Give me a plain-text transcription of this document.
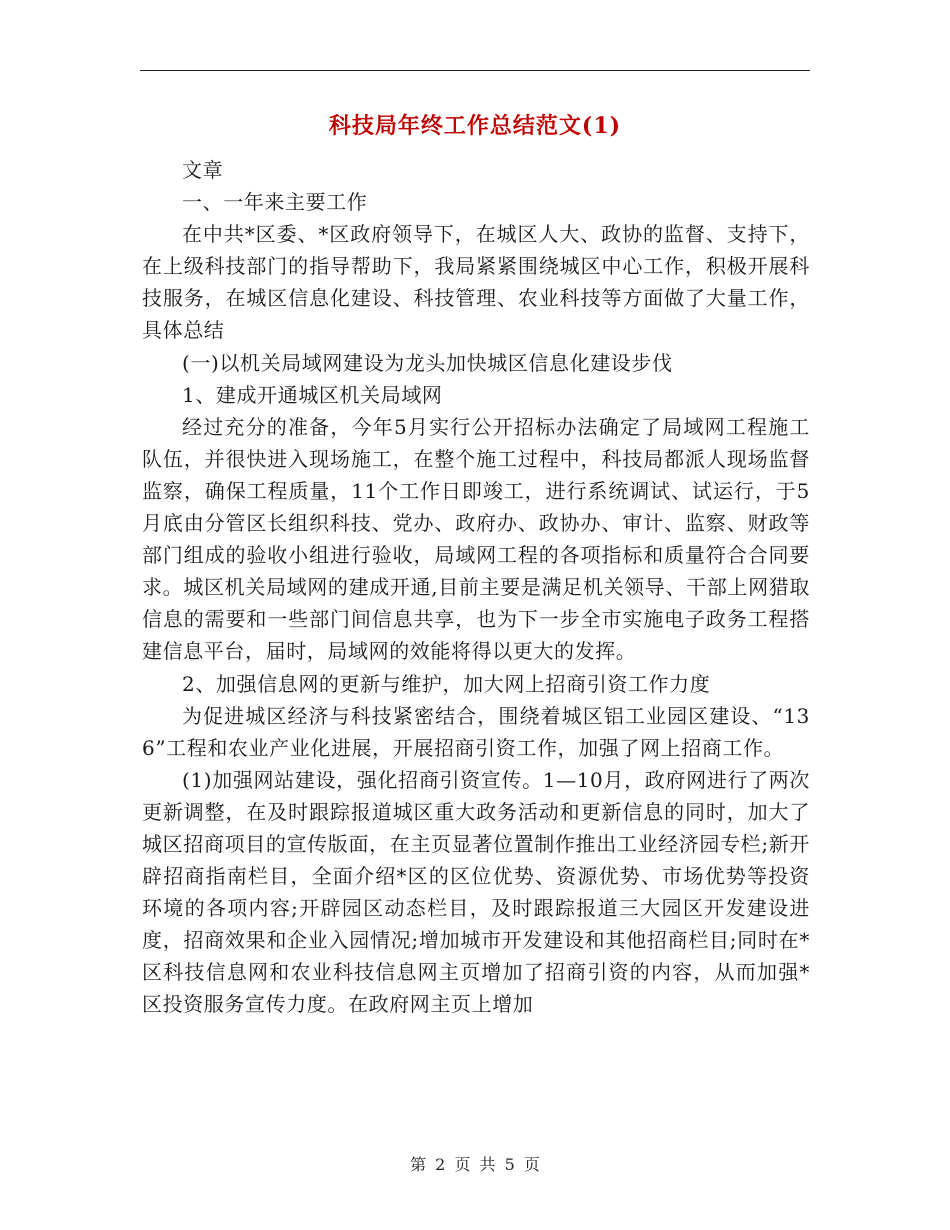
科技局年终工作总结范文(1)

文章

一、一年来主要工作

在中共*区委、*区政府领导下，在城区人大、政协的监督、支持下，在上级科技部门的指导帮助下，我局紧紧围绕城区中心工作，积极开展科技服务，在城区信息化建设、科技管理、农业科技等方面做了大量工作，具体总结

(一)以机关局域网建设为龙头加快城区信息化建设步伐

1、建成开通城区机关局域网

经过充分的准备，今年5月实行公开招标办法确定了局域网工程施工队伍，并很快进入现场施工，在整个施工过程中，科技局都派人现场监督监察，确保工程质量，11个工作日即竣工，进行系统调试、试运行，于5月底由分管区长组织科技、党办、政府办、政协办、审计、监察、财政等部门组成的验收小组进行验收，局域网工程的各项指标和质量符合合同要求。城区机关局域网的建成开通,目前主要是满足机关领导、干部上网猎取信息的需要和一些部门间信息共享，也为下一步全市实施电子政务工程搭建信息平台，届时，局域网的效能将得以更大的发挥。

2、加强信息网的更新与维护，加大网上招商引资工作力度

为促进城区经济与科技紧密结合，围绕着城区铝工业园区建设、“136”工程和农业产业化进展，开展招商引资工作，加强了网上招商工作。

(1)加强网站建设，强化招商引资宣传。1—10月，政府网进行了两次更新调整，在及时跟踪报道城区重大政务活动和更新信息的同时，加大了城区招商项目的宣传版面，在主页显著位置制作推出工业经济园专栏;新开辟招商指南栏目，全面介绍*区的区位优势、资源优势、市场优势等投资环境的各项内容;开辟园区动态栏目，及时跟踪报道三大园区开发建设进度，招商效果和企业入园情况;增加城市开发建设和其他招商栏目;同时在*区科技信息网和农业科技信息网主页增加了招商引资的内容，从而加强*区投资服务宣传力度。在政府网主页上增加

第 2 页 共 5 页
